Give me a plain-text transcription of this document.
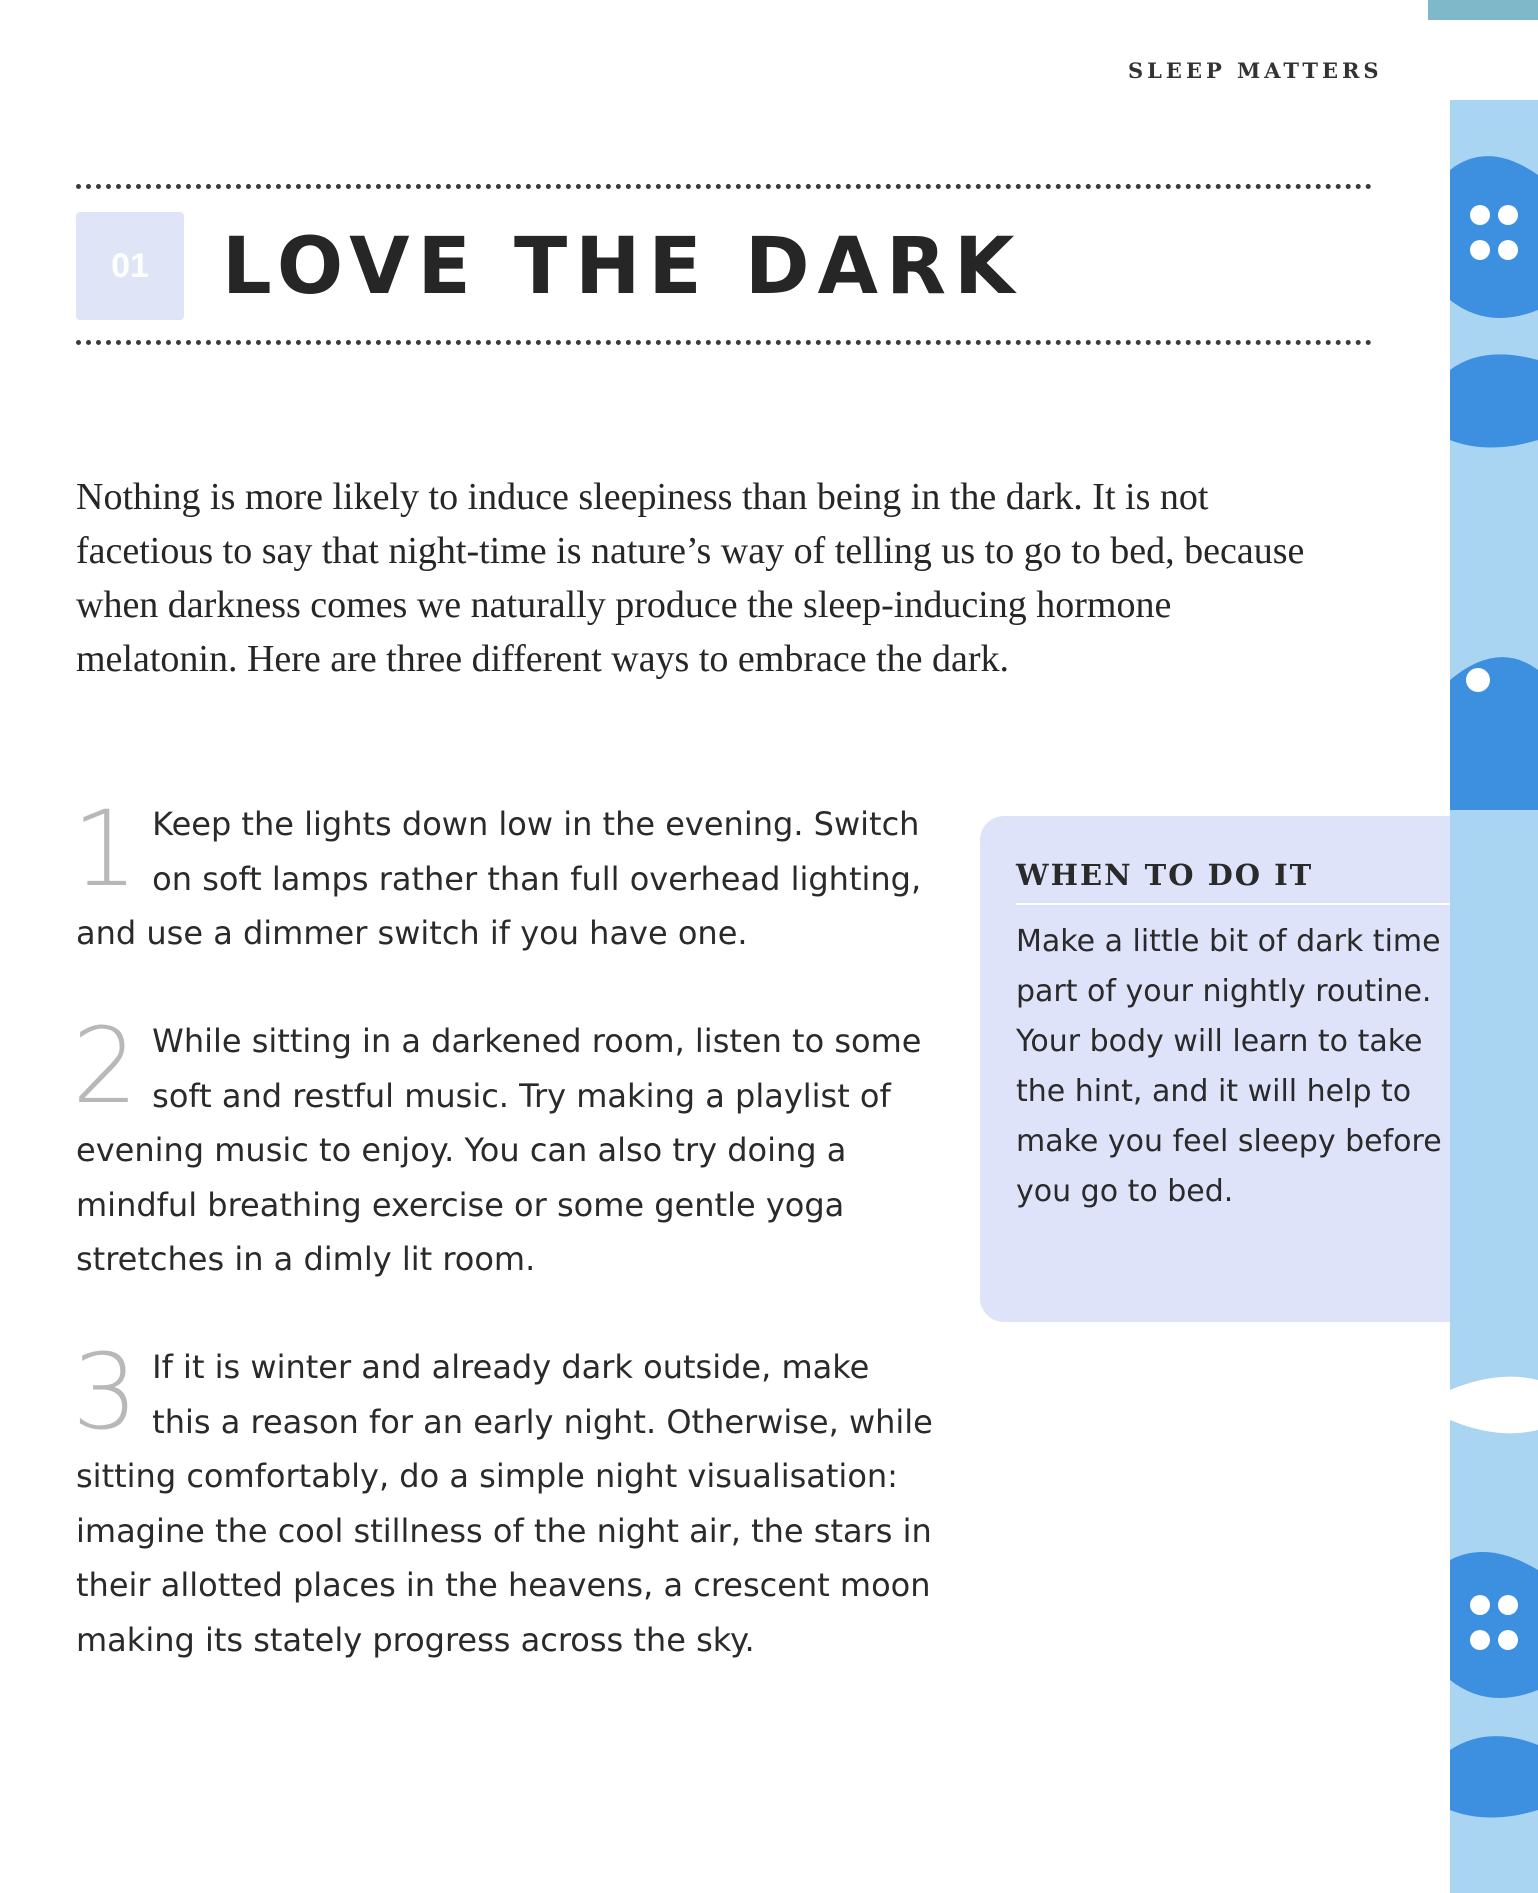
SLEEP MATTERS
01 LOVE THE DARK

Nothing is more likely to induce sleepiness than being in the dark. It is not facetious to say that night-time is nature’s way of telling us to go to bed, because when darkness comes we naturally produce the sleep-inducing hormone melatonin. Here are three different ways to embrace the dark.

1 Keep the lights down low in the evening. Switch on soft lamps rather than full overhead lighting, and use a dimmer switch if you have one.

2 While sitting in a darkened room, listen to some soft and restful music. Try making a playlist of evening music to enjoy. You can also try doing a mindful breathing exercise or some gentle yoga stretches in a dimly lit room.

3 If it is winter and already dark outside, make this a reason for an early night. Otherwise, while sitting comfortably, do a simple night visualisation: imagine the cool stillness of the night air, the stars in their allotted places in the heavens, a crescent moon making its stately progress across the sky.

WHEN TO DO IT

Make a little bit of dark time part of your nightly routine. Your body will learn to take the hint, and it will help to make you feel sleepy before you go to bed.
